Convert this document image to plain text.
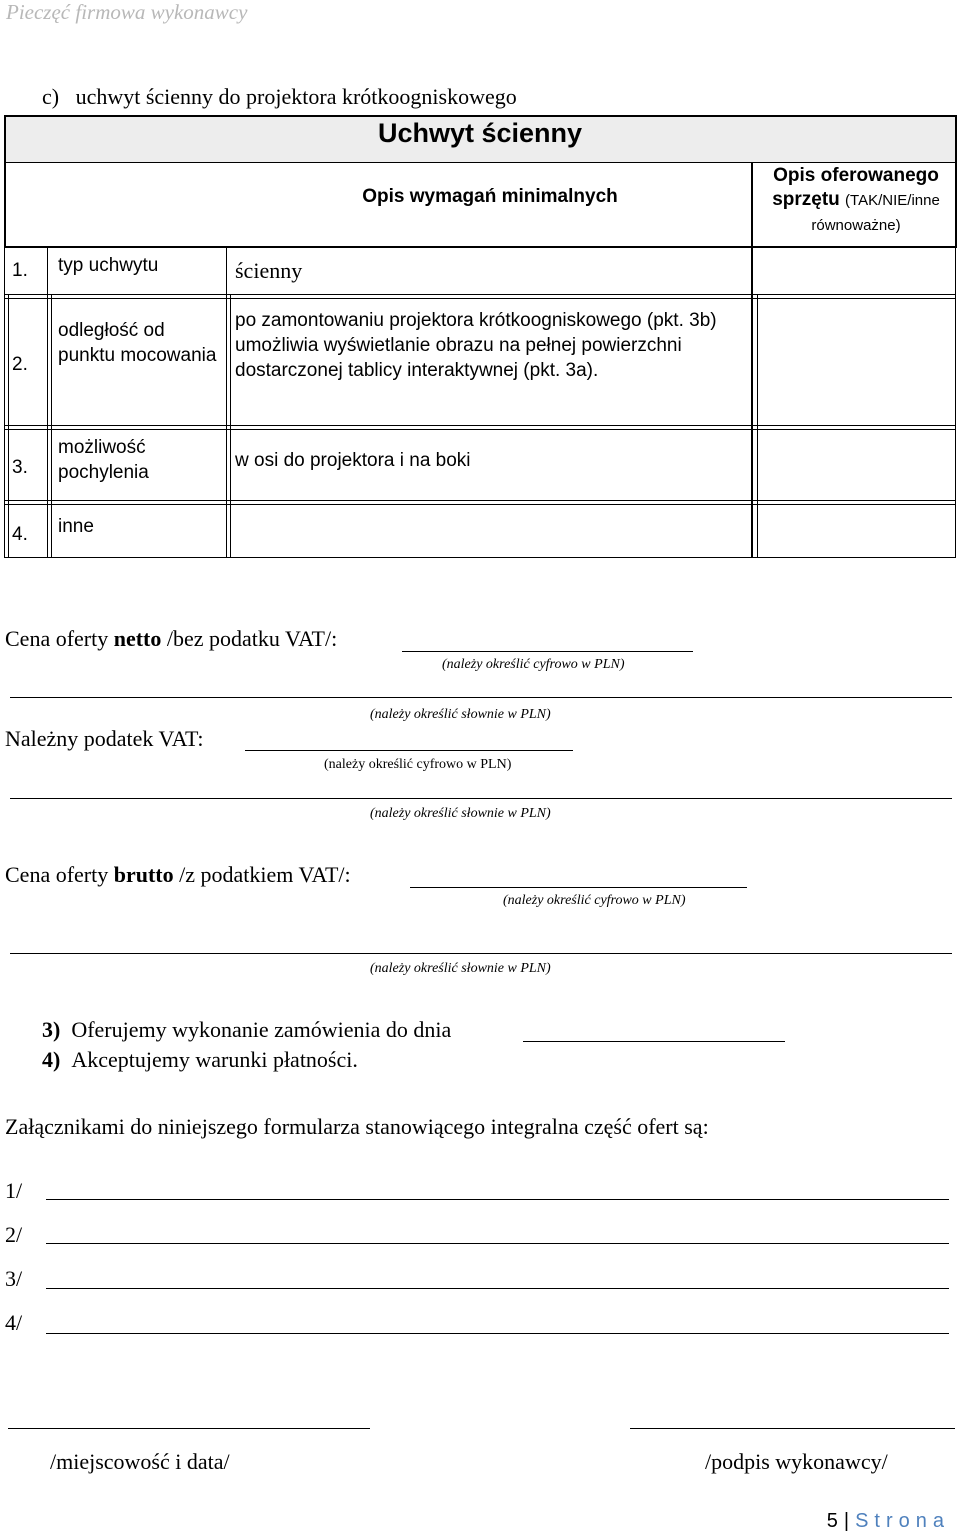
Pieczęć firmowa wykonawcy
c)   uchwyt ścienny do projektora krótkoogniskowego
Uchwyt ścienny
Opis wymagań minimalnych
Opis oferowanego sprzętu (TAK/NIE/inne równoważne)
1. typ uchwytu	ścienny
2.
odległość od punktu mocowania
po zamontowaniu projektora krótkoogniskowego (pkt. 3b) umożliwia wyświetlanie obrazu na pełnej powierzchni dostarczonej tablicy interaktywnej (pkt. 3a).
3.
możliwość pochylenia
w osi do projektora i na boki
4. inne
Cena oferty netto /bez podatku VAT/:
(należy określić cyfrowo w PLN)
(należy określić słownie w PLN)
Należny podatek VAT:
(należy określić cyfrowo w PLN)
(należy określić słownie w PLN)
Cena oferty brutto /z podatkiem VAT/:
(należy określić cyfrowo w PLN)
(należy określić słownie w PLN)
3) Oferujemy wykonanie zamówienia do dnia
4) Akceptujemy warunki płatności.
Załącznikami do niniejszego formularza stanowiącego integralna część ofert są:
1/
2/
3/
4/
/miejscowość i data/	/podpis wykonawcy/
5 | Strona
